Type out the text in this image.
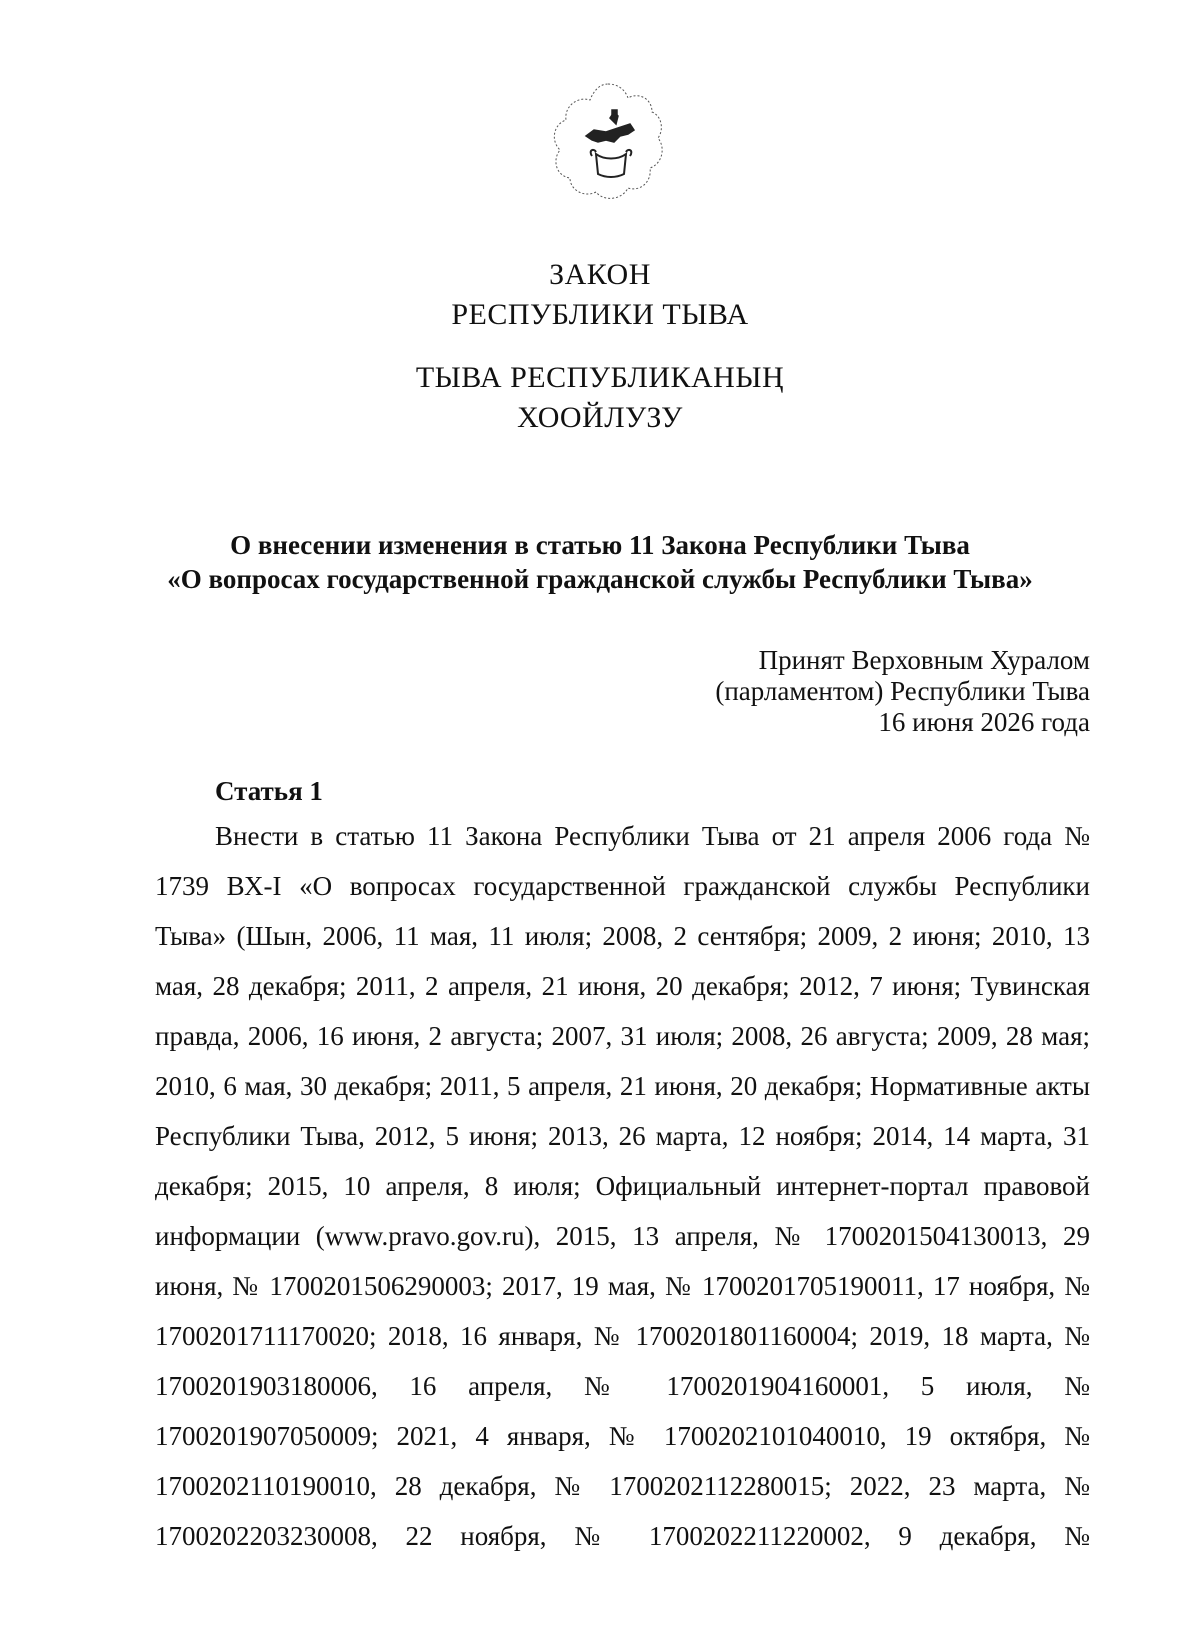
ЗАКОН
РЕСПУБЛИКИ ТЫВА
ТЫВА РЕСПУБЛИКАНЫҢ
ХООЙЛУЗУ
О внесении изменения в статью 11 Закона Республики Тыва
«О вопросах государственной гражданской службы Республики Тыва»
Принят Верховным Хуралом
(парламентом) Республики Тыва
16 июня 2026 года
Статья 1
Внести в статью 11 Закона Республики Тыва от 21 апреля 2006 года №
1739 ВХ-I «О вопросах государственной гражданской службы Республики
Тыва» (Шын, 2006, 11 мая, 11 июля; 2008, 2 сентября; 2009, 2 июня; 2010, 13
мая, 28 декабря; 2011, 2 апреля, 21 июня, 20 декабря; 2012, 7 июня; Тувинская
правда, 2006, 16 июня, 2 августа; 2007, 31 июля; 2008, 26 августа; 2009, 28 мая;
2010, 6 мая, 30 декабря; 2011, 5 апреля, 21 июня, 20 декабря; Нормативные акты
Республики Тыва, 2012, 5 июня; 2013, 26 марта, 12 ноября; 2014, 14 марта, 31
декабря; 2015, 10 апреля, 8 июля; Официальный интернет-портал правовой
информации (www.pravo.gov.ru), 2015, 13 апреля, № 1700201504130013, 29
июня, № 1700201506290003; 2017, 19 мая, № 1700201705190011, 17 ноября, №
1700201711170020; 2018, 16 января, № 1700201801160004; 2019, 18 марта, №
1700201903180006, 16 апреля, № 1700201904160001, 5 июля, №
1700201907050009; 2021, 4 января, № 1700202101040010, 19 октября, №
1700202110190010, 28 декабря, № 1700202112280015; 2022, 23 марта, №
1700202203230008, 22 ноября, № 1700202211220002, 9 декабря, №
